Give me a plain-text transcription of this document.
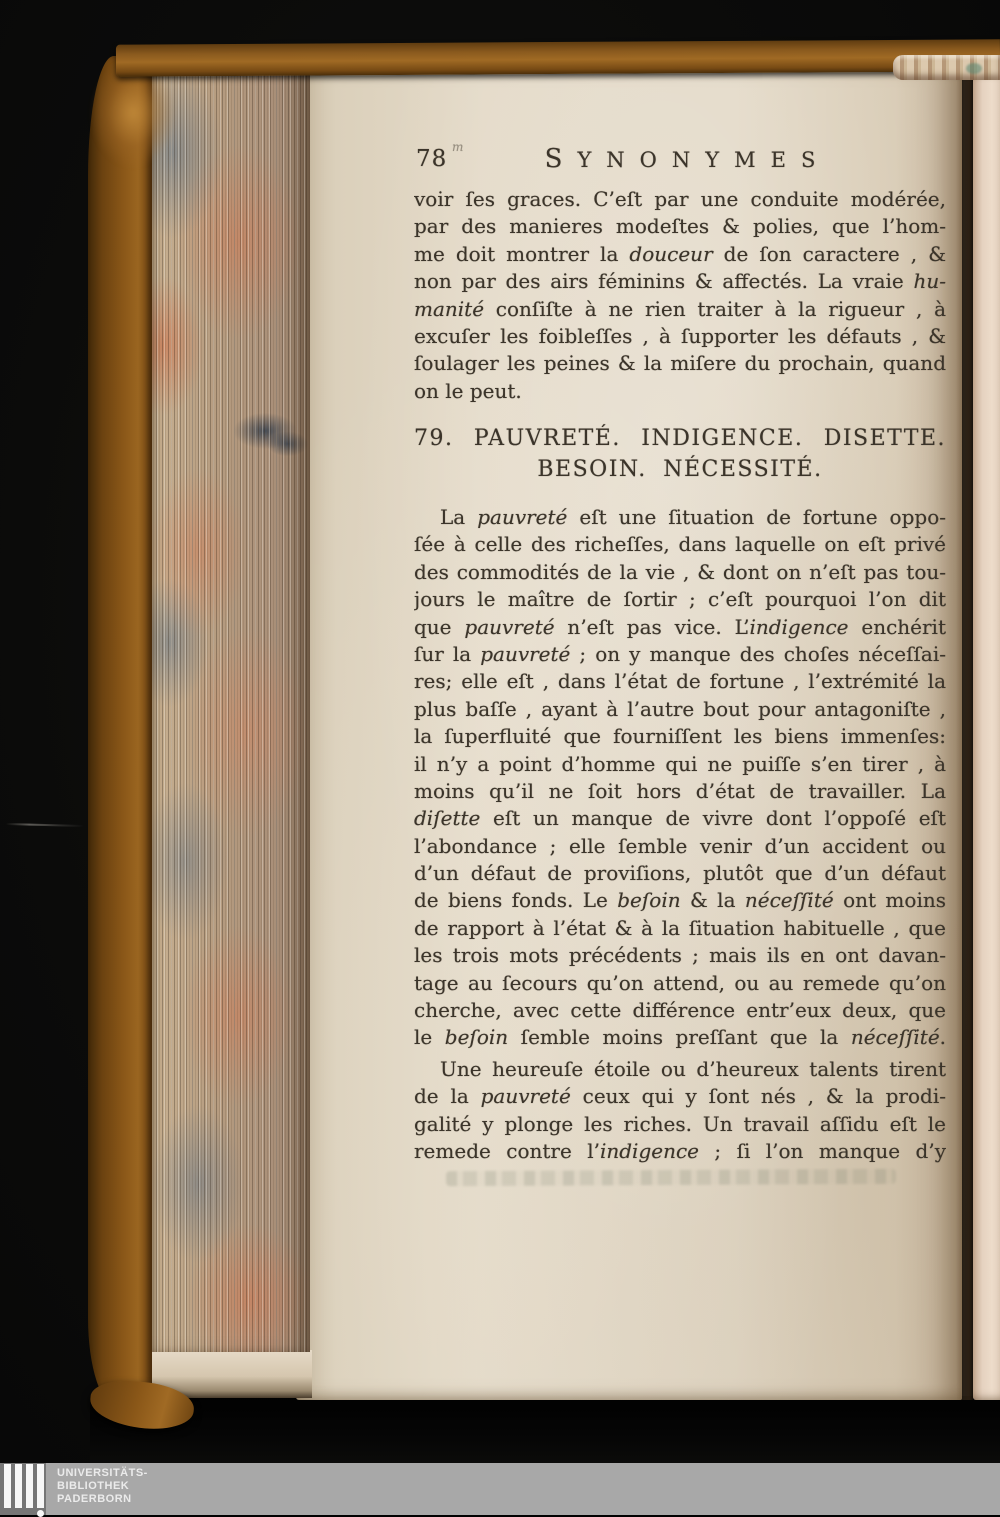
78 m	SYNONYMES
voir ſes graces. C’eſt par une conduite modérée,
par des manieres modeſtes & polies, que l’hom-
me doit montrer la douceur de ſon caractere , &
non par des airs féminins & affectés. La vraie hu-
manité conſiſte à ne rien traiter à la rigueur , à
excuſer les foibleſſes , à ſupporter les défauts , &
ſoulager les peines & la miſere du prochain, quand
on le peut.
79. PAUVRETÉ. INDIGENCE. DISETTE.
BESOIN. NÉCESSITÉ.
La pauvreté eſt une ſituation de fortune oppo-
ſée à celle des richeſſes, dans laquelle on eſt privé
des commodités de la vie , & dont on n’eſt pas tou-
jours le maître de ſortir ; c’eſt pourquoi l’on dit
que pauvreté n’eſt pas vice. L’indigence enchérit
ſur la pauvreté ; on y manque des choſes néceſſai-
res; elle eſt , dans l’état de fortune , l’extrémité la
plus baſſe , ayant à l’autre bout pour antagoniſte ,
la ſuperfluité que fourniſſent les biens immenſes:
il n’y a point d’homme qui ne puiſſe s’en tirer , à
moins qu’il ne ſoit hors d’état de travailler. La
diſette eſt un manque de vivre dont l’oppoſé eſt
l’abondance ; elle ſemble venir d’un accident ou
d’un défaut de proviſions, plutôt que d’un défaut
de biens fonds. Le beſoin & la néceſſité ont moins
de rapport à l’état & à la ſituation habituelle , que
les trois mots précédents ; mais ils en ont davan-
tage au ſecours qu’on attend, ou au remede qu’on
cherche, avec cette différence entr’eux deux, que
le beſoin ſemble moins preſſant que la néceſſité.
Une heureuſe étoile ou d’heureux talents tirent
de la pauvreté ceux qui y ſont nés , & la prodi-
galité y plonge les riches. Un travail aſſidu eſt le
remede contre l’indigence ; ſi l’on manque d’y
UNIVERSITÄTS-
BIBLIOTHEK
PADERBORN
